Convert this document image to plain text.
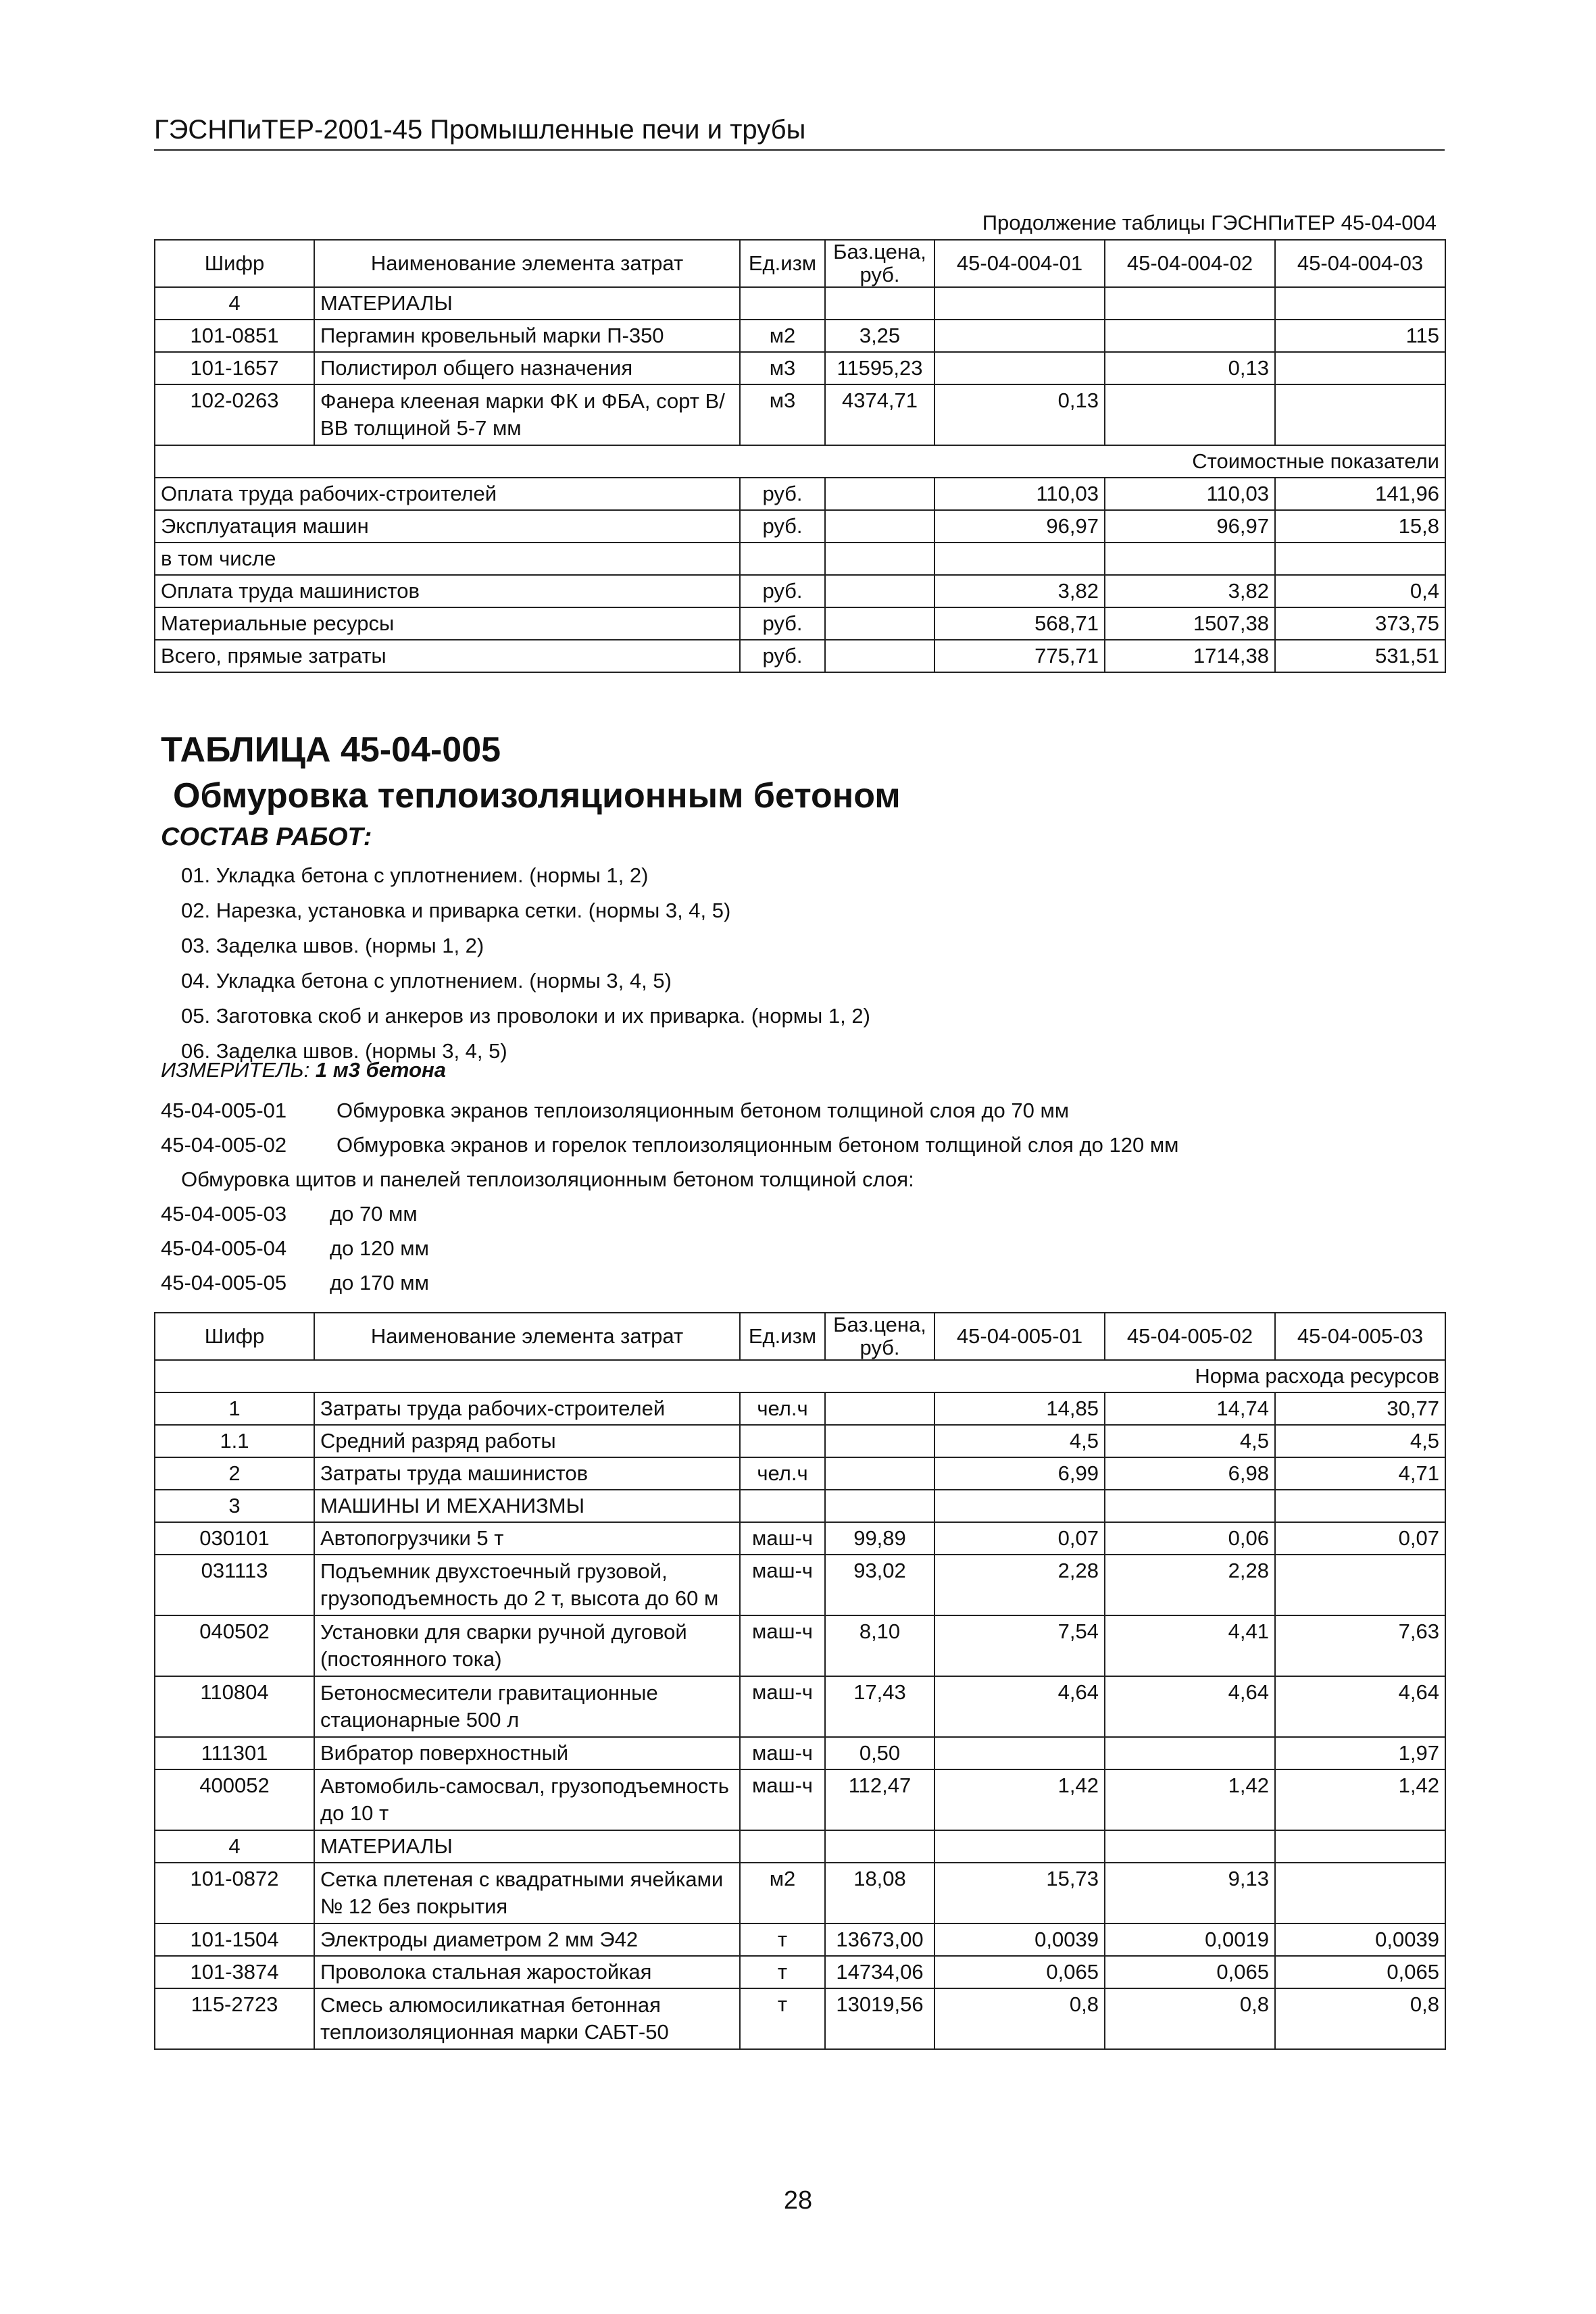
ГЭСНПиТЕР-2001-45 Промышленные печи и трубы
Продолжение таблицы ГЭСНПиТЕР 45-04-004
Шифр	Наименование элемента затрат	Ед.изм	Баз.цена, руб.	45-04-004-01	45-04-004-02	45-04-004-03
4	МАТЕРИАЛЫ					
101-0851	Пергамин кровельный марки П-350	м2	3,25			115
101-1657	Полистирол общего назначения	м3	11595,23		0,13	
102-0263	Фанера клееная марки ФК и ФБА, сорт В/ВВ толщиной 5-7 мм	м3	4374,71	0,13		
Стоимостные показатели						
Оплата труда рабочих-строителей		руб.		110,03	110,03	141,96
Эксплуатация машин		руб.		96,97	96,97	15,8
в том числе						
Оплата труда машинистов		руб.		3,82	3,82	0,4
Материальные ресурсы		руб.		568,71	1507,38	373,75
Всего, прямые затраты		руб.		775,71	1714,38	531,51
ТАБЛИЦА 45-04-005
Обмуровка теплоизоляционным бетоном
СОСТАВ РАБОТ:
01. Укладка бетона с уплотнением. (нормы 1, 2)
02. Нарезка, установка и приварка сетки. (нормы 3, 4, 5)
03. Заделка швов. (нормы 1, 2)
04. Укладка бетона с уплотнением. (нормы 3, 4, 5)
05. Заготовка скоб и анкеров из проволоки и их приварка. (нормы 1, 2)
06. Заделка швов. (нормы 3, 4, 5)
ИЗМЕРИТЕЛЬ: 1 м3 бетона
45-04-005-01	Обмуровка экранов теплоизоляционным бетоном толщиной слоя до 70 мм
45-04-005-02	Обмуровка экранов и горелок теплоизоляционным бетоном толщиной слоя до 120 мм
Обмуровка щитов и панелей теплоизоляционным бетоном толщиной слоя:
45-04-005-03	до 70 мм
45-04-005-04	до 120 мм
45-04-005-05	до 170 мм
Шифр	Наименование элемента затрат	Ед.изм	Баз.цена, руб.	45-04-005-01	45-04-005-02	45-04-005-03
Норма расхода ресурсов						
1	Затраты труда рабочих-строителей	чел.ч		14,85	14,74	30,77
1.1	Средний разряд работы			4,5	4,5	4,5
2	Затраты труда машинистов	чел.ч		6,99	6,98	4,71
3	МАШИНЫ И МЕХАНИЗМЫ					
030101	Автопогрузчики 5 т	маш-ч	99,89	0,07	0,06	0,07
031113	Подъемник двухстоечный грузовой, грузоподъемность до 2 т, высота до 60 м	маш-ч	93,02	2,28	2,28	
040502	Установки для сварки ручной дуговой (постоянного тока)	маш-ч	8,10	7,54	4,41	7,63
110804	Бетоносмесители гравитационные стационарные 500 л	маш-ч	17,43	4,64	4,64	4,64
111301	Вибратор поверхностный	маш-ч	0,50			1,97
400052	Автомобиль-самосвал, грузоподъемность до 10 т	маш-ч	112,47	1,42	1,42	1,42
4	МАТЕРИАЛЫ					
101-0872	Сетка плетеная с квадратными ячейками № 12 без покрытия	м2	18,08	15,73	9,13	
101-1504	Электроды диаметром 2 мм Э42	т	13673,00	0,0039	0,0019	0,0039
101-3874	Проволока стальная жаростойкая	т	14734,06	0,065	0,065	0,065
115-2723	Смесь алюмосиликатная бетонная теплоизоляционная марки САБТ-50	т	13019,56	0,8	0,8	0,8
28
